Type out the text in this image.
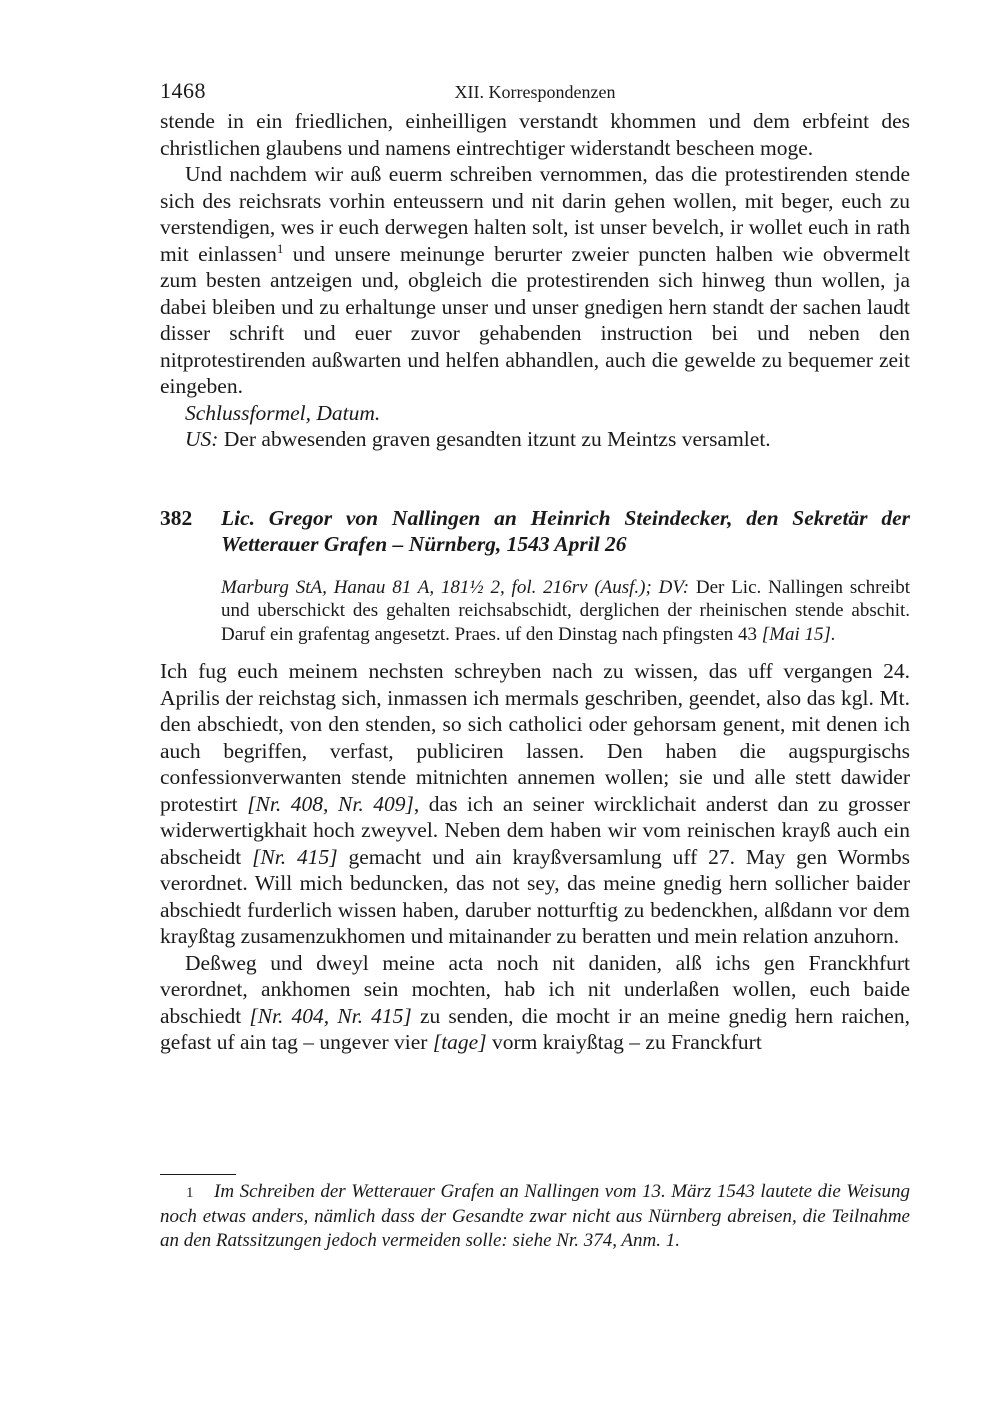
1468	XII. Korrespondenzen

stende in ein friedlichen, einheilligen verstandt khommen und dem erbfeint des christlichen glaubens und namens eintrechtiger widerstandt bescheen moge.

Und nachdem wir auß euerm schreiben vernommen, das die protestirenden stende sich des reichsrats vorhin enteussern und nit darin gehen wollen, mit beger, euch zu verstendigen, wes ir euch derwegen halten solt, ist unser bevelch, ir wollet euch in rath mit einlassen$^1$ und unsere meinunge berurter zweier puncten halben wie obvermelt zum besten antzeigen und, obgleich die protestirenden sich hinweg thun wollen, ja dabei bleiben und zu erhaltunge unser und unser gnedigen hern standt der sachen laudt disser schrift und euer zuvor gehabenden instruction bei und neben den nitprotestirenden außwarten und helfen abhandlen, auch die gewelde zu bequemer zeit eingeben.

Schlussformel, Datum.

US: Der abwesenden graven gesandten itzunt zu Meintzs versamlet.

382 Lic. Gregor von Nallingen an Heinrich Steindecker, den Sekretär der Wetterauer Grafen – Nürnberg, 1543 April 26
Marburg StA, Hanau 81 A, 181½ 2, fol. 216rv (Ausf.); DV: Der Lic. Nallingen schreibt und uberschickt des gehalten reichsabschidt, derglichen der rheinischen stende abschit. Daruf ein grafentag angesetzt. Praes. uf den Dinstag nach pfingsten 43 [Mai 15].

Ich fug euch meinem nechsten schreyben nach zu wissen, das uff vergangen 24. Aprilis der reichstag sich, inmassen ich mermals geschriben, geendet, also das kgl. Mt. den abschiedt, von den stenden, so sich catholici oder gehorsam genent, mit denen ich auch begriffen, verfast, publiciren lassen. Den haben die augspurgischs confessionverwanten stende mitnichten annemen wollen; sie und alle stett dawider protestirt [Nr. 408, Nr. 409], das ich an seiner wircklichait anderst dan zu grosser widerwertigkhait hoch zweyvel. Neben dem haben wir vom reinischen krayß auch ein abscheidt [Nr. 415] gemacht und ain krayßversamlung uff 27. May gen Wormbs verordnet. Will mich beduncken, das not sey, das meine gnedig hern sollicher baider abschiedt furderlich wissen haben, daruber notturftig zu bedenckhen, alßdann vor dem krayßtag zusamenzukhomen und mitainander zu beratten und mein relation anzuhorn.

Deßweg und dweyl meine acta noch nit daniden, alß ichs gen Franckhfurt verordnet, ankhomen sein mochten, hab ich nit underlaßen wollen, euch baide abschiedt [Nr. 404, Nr. 415] zu senden, die mocht ir an meine gnedig hern raichen, gefast uf ain tag – ungever vier [tage] vorm kraiyßtag – zu Franckfurt

1 Im Schreiben der Wetterauer Grafen an Nallingen vom 13. März 1543 lautete die Weisung noch etwas anders, nämlich dass der Gesandte zwar nicht aus Nürnberg abreisen, die Teilnahme an den Ratssitzungen jedoch vermeiden solle: siehe Nr. 374, Anm. 1.
